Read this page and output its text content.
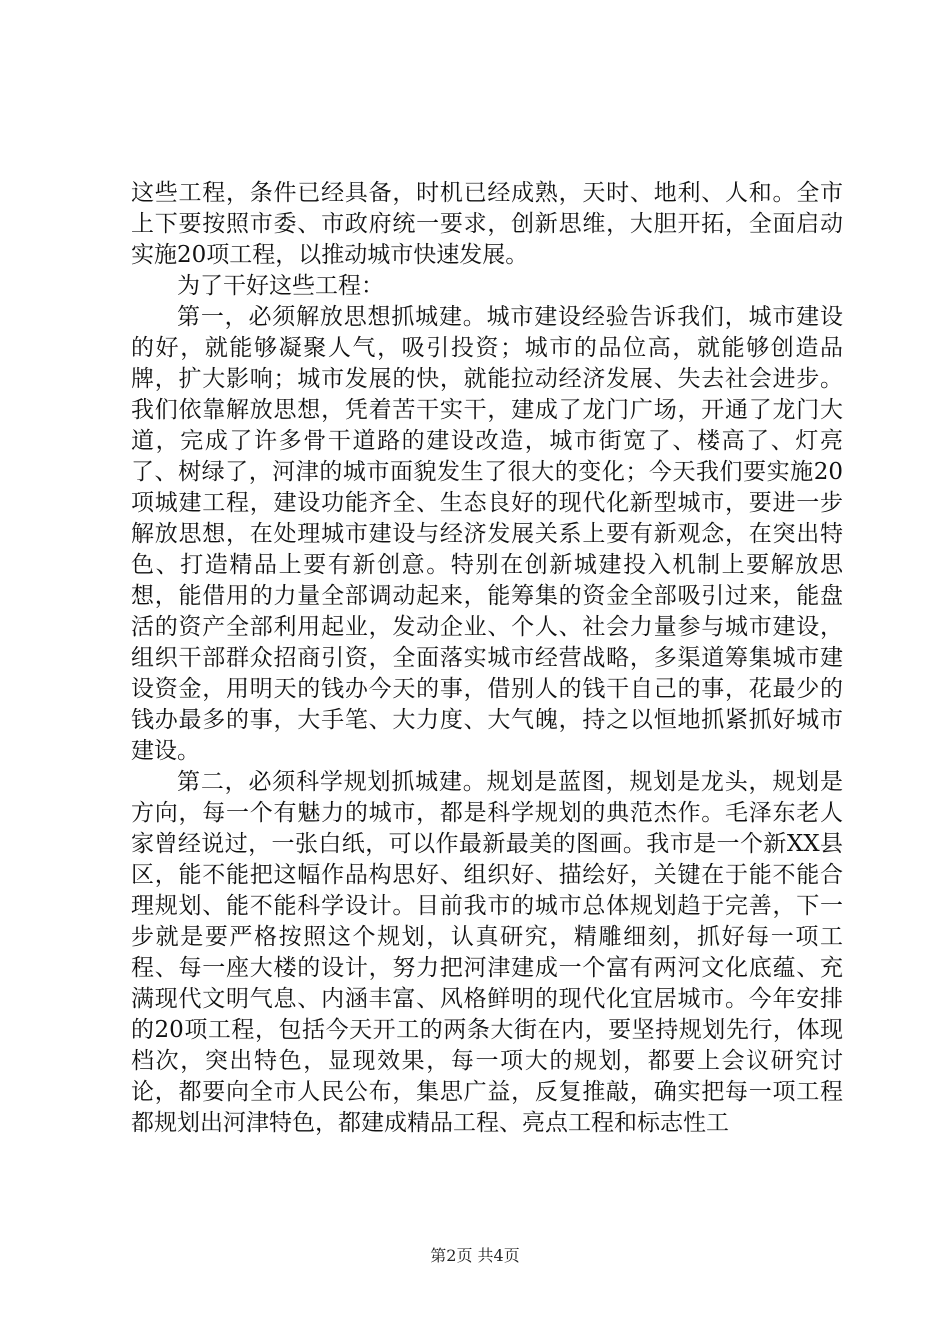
这些工程，条件已经具备，时机已经成熟，天时、地利、人和。全市上下要按照市委、市政府统一要求，创新思维，大胆开拓，全面启动实施20项工程，以推动城市快速发展。

为了干好这些工程：

第一，必须解放思想抓城建。城市建设经验告诉我们，城市建设的好，就能够凝聚人气，吸引投资；城市的品位高，就能够创造品牌，扩大影响；城市发展的快，就能拉动经济发展、失去社会进步。我们依靠解放思想，凭着苦干实干，建成了龙门广场，开通了龙门大道，完成了许多骨干道路的建设改造，城市街宽了、楼高了、灯亮了、树绿了，河津的城市面貌发生了很大的变化；今天我们要实施20项城建工程，建设功能齐全、生态良好的现代化新型城市，要进一步解放思想，在处理城市建设与经济发展关系上要有新观念，在突出特色、打造精品上要有新创意。特别在创新城建投入机制上要解放思想，能借用的力量全部调动起来，能筹集的资金全部吸引过来，能盘活的资产全部利用起业，发动企业、个人、社会力量参与城市建设，组织干部群众招商引资，全面落实城市经营战略，多渠道筹集城市建设资金，用明天的钱办今天的事，借别人的钱干自己的事，花最少的钱办最多的事，大手笔、大力度、大气魄，持之以恒地抓紧抓好城市建设。

第二，必须科学规划抓城建。规划是蓝图，规划是龙头，规划是方向，每一个有魅力的城市，都是科学规划的典范杰作。毛泽东老人家曾经说过，一张白纸，可以作最新最美的图画。我市是一个新XX县区，能不能把这幅作品构思好、组织好、描绘好，关键在于能不能合理规划、能不能科学设计。目前我市的城市总体规划趋于完善，下一步就是要严格按照这个规划，认真研究，精雕细刻，抓好每一项工程、每一座大楼的设计，努力把河津建成一个富有两河文化底蕴、充满现代文明气息、内涵丰富、风格鲜明的现代化宜居城市。今年安排的20项工程，包括今天开工的两条大街在内，要坚持规划先行，体现档次，突出特色，显现效果，每一项大的规划，都要上会议研究讨论，都要向全市人民公布，集思广益，反复推敲，确实把每一项工程都规划出河津特色，都建成精品工程、亮点工程和标志性工

第2页 共4页
